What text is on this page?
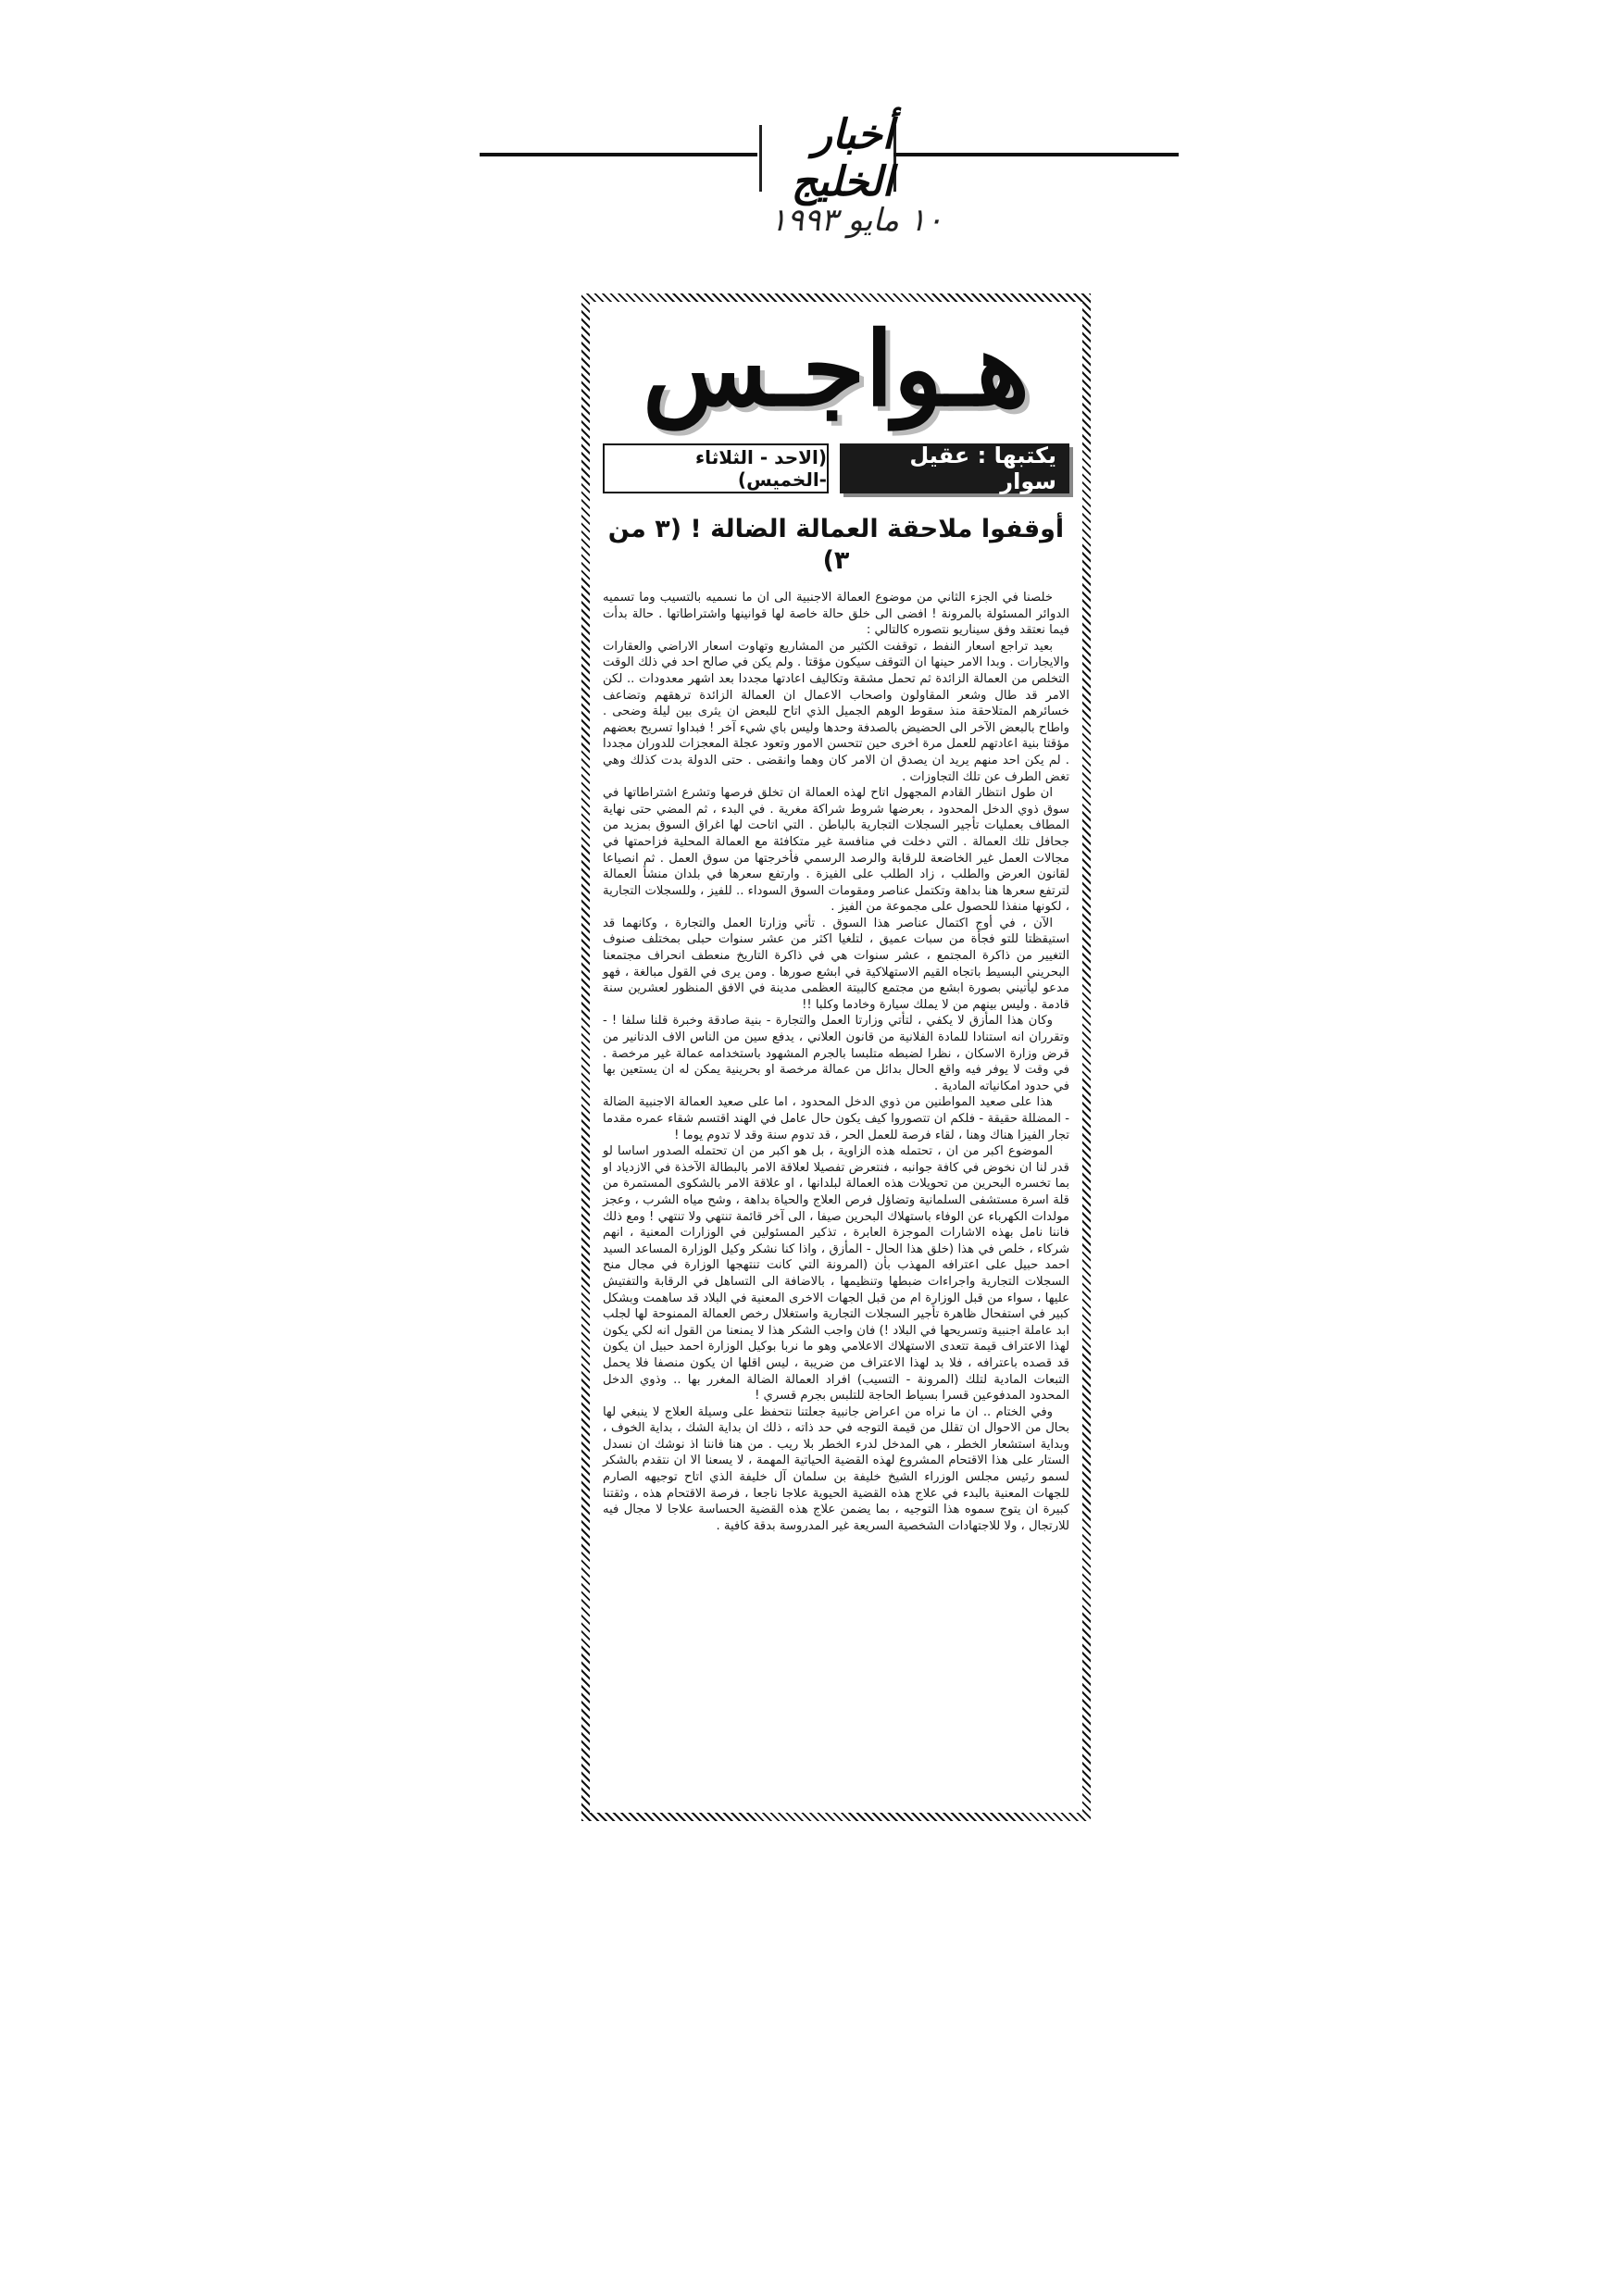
أخبار الخليج
١٠ مايو ١٩٩٣
هـواجـس
يكتبها : عقيل سوار
(الاحد - الثلاثاء -الخميس)
أوقفوا ملاحقة العمالة الضالة ! (٣ من ٣)

خلصنا في الجزء الثاني من موضوع العمالة الاجنبية الى ان ما نسميه بالتسيب وما تسميه الدوائر المسئولة بالمرونة ! افضى الى خلق حالة خاصة لها قوانينها واشتراطاتها . حالة بدأت فيما نعتقد وفق سيناريو نتصوره كالتالي :

بعيد تراجع اسعار النفط ، توقفت الكثير من المشاريع وتهاوت اسعار الاراضي والعقارات والايجارات . وبدا الامر حينها ان التوقف سيكون مؤقتا . ولم يكن في صالح احد في ذلك الوقت التخلص من العمالة الزائدة ثم تحمل مشقة وتكاليف اعادتها مجددا بعد اشهر معدودات .. لكن الامر قد طال وشعر المقاولون واصحاب الاعمال ان العمالة الزائدة ترهقهم وتضاعف خسائرهم المتلاحقة منذ سقوط الوهم الجميل الذي اتاح للبعض ان يثرى بين ليلة وضحى . واطاح بالبعض الآخر الى الحضيض بالصدفة وحدها وليس باي شيء آخر ! فبداوا تسريح بعضهم مؤقتا بنية اعادتهم للعمل مرة اخرى حين تتحسن الامور وتعود عجلة المعجزات للدوران مجددا . لم يكن احد منهم يريد ان يصدق ان الامر كان وهما وانقضى . حتى الدولة بدت كذلك وهي تغض الطرف عن تلك التجاوزات .

ان طول انتظار القادم المجهول اتاح لهذه العمالة ان تخلق فرصها وتشرع اشتراطاتها في سوق ذوي الدخل المحدود ، بعرضها شروط شراكة مغرية . في البدء ، ثم المضي حتى نهاية المطاف بعمليات تأجير السجلات التجارية بالباطن . التي اتاحت لها اغراق السوق بمزيد من جحافل تلك العمالة . التي دخلت في منافسة غير متكافئة مع العمالة المحلية فزاحمتها في مجالات العمل غير الخاضعة للرقابة والرصد الرسمي فأخرجتها من سوق العمل . ثم انصياعا لقانون العرض والطلب ، زاد الطلب على الفيزة . وارتفع سعرها في بلدان منشأ العمالة لترتفع سعرها هنا بداهة وتكتمل عناصر ومقومات السوق السوداء .. للفيز ، وللسجلات التجارية ، لكونها منفذا للحصول على مجموعة من الفيز .

الآن ، في أوج اكتمال عناصر هذا السوق . تأتي وزارتا العمل والتجارة ، وكانهما قد استيقظتا للتو فجأة من سبات عميق ، لتلغيا اكثر من عشر سنوات حبلى بمختلف صنوف التغيير من ذاكرة المجتمع ، عشر سنوات هي في ذاكرة التاريخ منعطف انحراف مجتمعنا البحريني البسيط باتجاه القيم الاستهلاكية في ابشع صورها . ومن يرى في القول مبالغة ، فهو مدعو ليأتيني بصورة ابشع من مجتمع كالبيتة العظمى مدينة في الافق المنظور لعشرين سنة قادمة . وليس بينهم من لا يملك سيارة وخادما وكلبا !!

وكان هذا المأزق لا يكفي ، لتأتي وزارتا العمل والتجارة - بنية صادقة وخبرة قلنا سلفا ! - وتقرران انه استنادا للمادة الفلانية من قانون العلاني ، يدفع سين من الناس الاف الدنانير من قرض وزارة الاسكان ، نظرا لضبطه متلبسا بالجرم المشهود باستخدامه عمالة غير مرخصة . في وقت لا يوفر فيه واقع الحال بدائل من عمالة مرخصة او بحرينية يمكن له ان يستعين بها في حدود امكانياته المادية .

هذا على صعيد المواطنين من ذوي الدخل المحدود ، اما على صعيد العمالة الاجنبية الضالة - المضللة حقيقة - فلكم ان تتصوروا كيف يكون حال عامل في الهند اقتسم شقاء عمره مقدما تجار الفيزا هناك وهنا ، لقاء فرصة للعمل الحر ، قد تدوم سنة وقد لا تدوم يوما !

الموضوع اكبر من ان ، تحتمله هذه الزاوية ، بل هو اكبر من ان تحتمله الصدور اساسا لو قدر لنا ان نخوض في كافة جوانبه ، فنتعرض تفصيلا لعلاقة الامر بالبطالة الآخذة في الازدياد او بما تخسره البحرين من تحويلات هذه العمالة لبلدانها ، او علاقة الامر بالشكوى المستمرة من قلة اسرة مستشفى السلمانية وتضاؤل فرص العلاج والحياة بداهة ، وشح مياه الشرب ، وعجز مولدات الكهرباء عن الوفاء باستهلاك البحرين صيفا ، الى آخر قائمة تنتهي ولا تنتهي ! ومع ذلك فاننا نامل بهذه الاشارات الموجزة العابرة ، تذكير المسئولين في الوزارات المعنية ، انهم شركاء ، خلص في هذا (خلق هذا الحال - المأزق ، واذا كنا نشكر وكيل الوزارة المساعد السيد احمد حبيل على اعترافه المهذب بأن (المرونة التي كانت تنتهجها الوزارة في مجال منح السجلات التجارية واجراءات ضبطها وتنظيمها ، بالاضافة الى التساهل في الرقابة والتفتيش عليها ، سواء من قبل الوزارة ام من قبل الجهات الاخرى المعنية في البلاد قد ساهمت وبشكل كبير في استفحال ظاهرة تأجير السجلات التجارية واستغلال رخص العمالة الممنوحة لها لجلب ابد عاملة اجنبية وتسريحها في البلاد !) فان واجب الشكر هذا لا يمنعنا من القول انه لكي يكون لهذا الاعتراف قيمة تتعدى الاستهلاك الاعلامي وهو ما نربا بوكيل الوزارة احمد حبيل ان يكون قد قصده باعترافه ، فلا بد لهذا الاعتراف من ضريبة ، ليس اقلها ان يكون منصفا فلا يحمل التبعات المادية لتلك (المرونة - التسيب) افراد العمالة الضالة المغرر بها .. وذوي الدخل المحدود المدفوعين قسرا بسياط الحاجة للتلبس بجرم قسري !

وفي الختام .. ان ما نراه من اعراض جانبية جعلتنا نتحفظ على وسيلة العلاج لا ينبغي لها بحال من الاحوال ان تقلل من قيمة التوجه في حد ذاته ، ذلك ان بداية الشك ، بداية الخوف ، وبداية استشعار الخطر ، هي المدخل لدرء الخطر بلا ريب . من هنا فاننا اذ نوشك ان نسدل الستار على هذا الاقتحام المشروع لهذه القضية الحياتية المهمة ، لا يسعنا الا ان نتقدم بالشكر لسمو رئيس مجلس الوزراء الشيخ خليفة بن سلمان آل خليفة الذي اتاح توجيهه الصارم للجهات المعنية بالبدء في علاج هذه القضية الحيوية علاجا ناجعا ، فرصة الاقتحام هذه ، وثقتنا كبيرة ان يتوج سموه هذا التوجيه ، بما يضمن علاج هذه القضية الحساسة علاجا لا مجال فيه للارتجال ، ولا للاجتهادات الشخصية السريعة غير المدروسة بدقة كافية .
